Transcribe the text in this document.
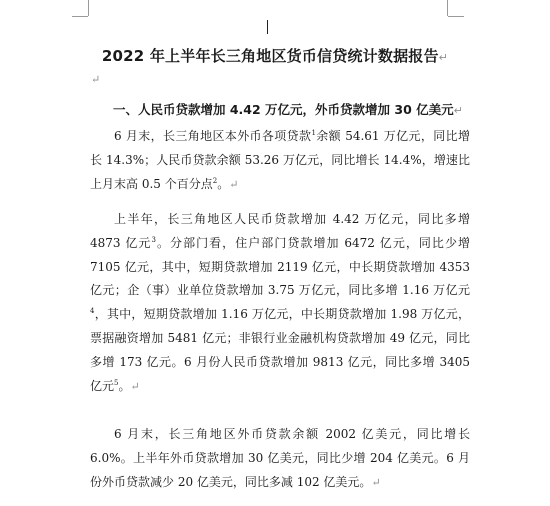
2022 年上半年长三角地区货币信贷统计数据报告↵
↵
一、人民币贷款增加 4.42 万亿元，外币贷款增加 30 亿美元↵
6 月末，长三角地区本外币各项贷款$^1$余额 54.61 万亿元，同比增长 14.3%；人民币贷款余额 53.26 万亿元，同比增长 14.4%，增速比上月末高 0.5 个百分点$^2$。↵
上半年，长三角地区人民币贷款增加 4.42 万亿元，同比多增 4873 亿元$^3$。分部门看，住户部门贷款增加 6472 亿元，同比少增 7105 亿元，其中，短期贷款增加 2119 亿元，中长期贷款增加 4353 亿元；企（事）业单位贷款增加 3.75 万亿元，同比多增 1.16 万亿元$^4$，其中，短期贷款增加 1.16 万亿元，中长期贷款增加 1.98 万亿元，票据融资增加 5481 亿元；非银行业金融机构贷款增加 49 亿元，同比多增 173 亿元。6 月份人民币贷款增加 9813 亿元，同比多增 3405 亿元$^5$。↵
6 月末，长三角地区外币贷款余额 2002 亿美元，同比增长 6.0%。上半年外币贷款增加 30 亿美元，同比少增 204 亿美元。6 月份外币贷款减少 20 亿美元，同比多减 102 亿美元。↵
